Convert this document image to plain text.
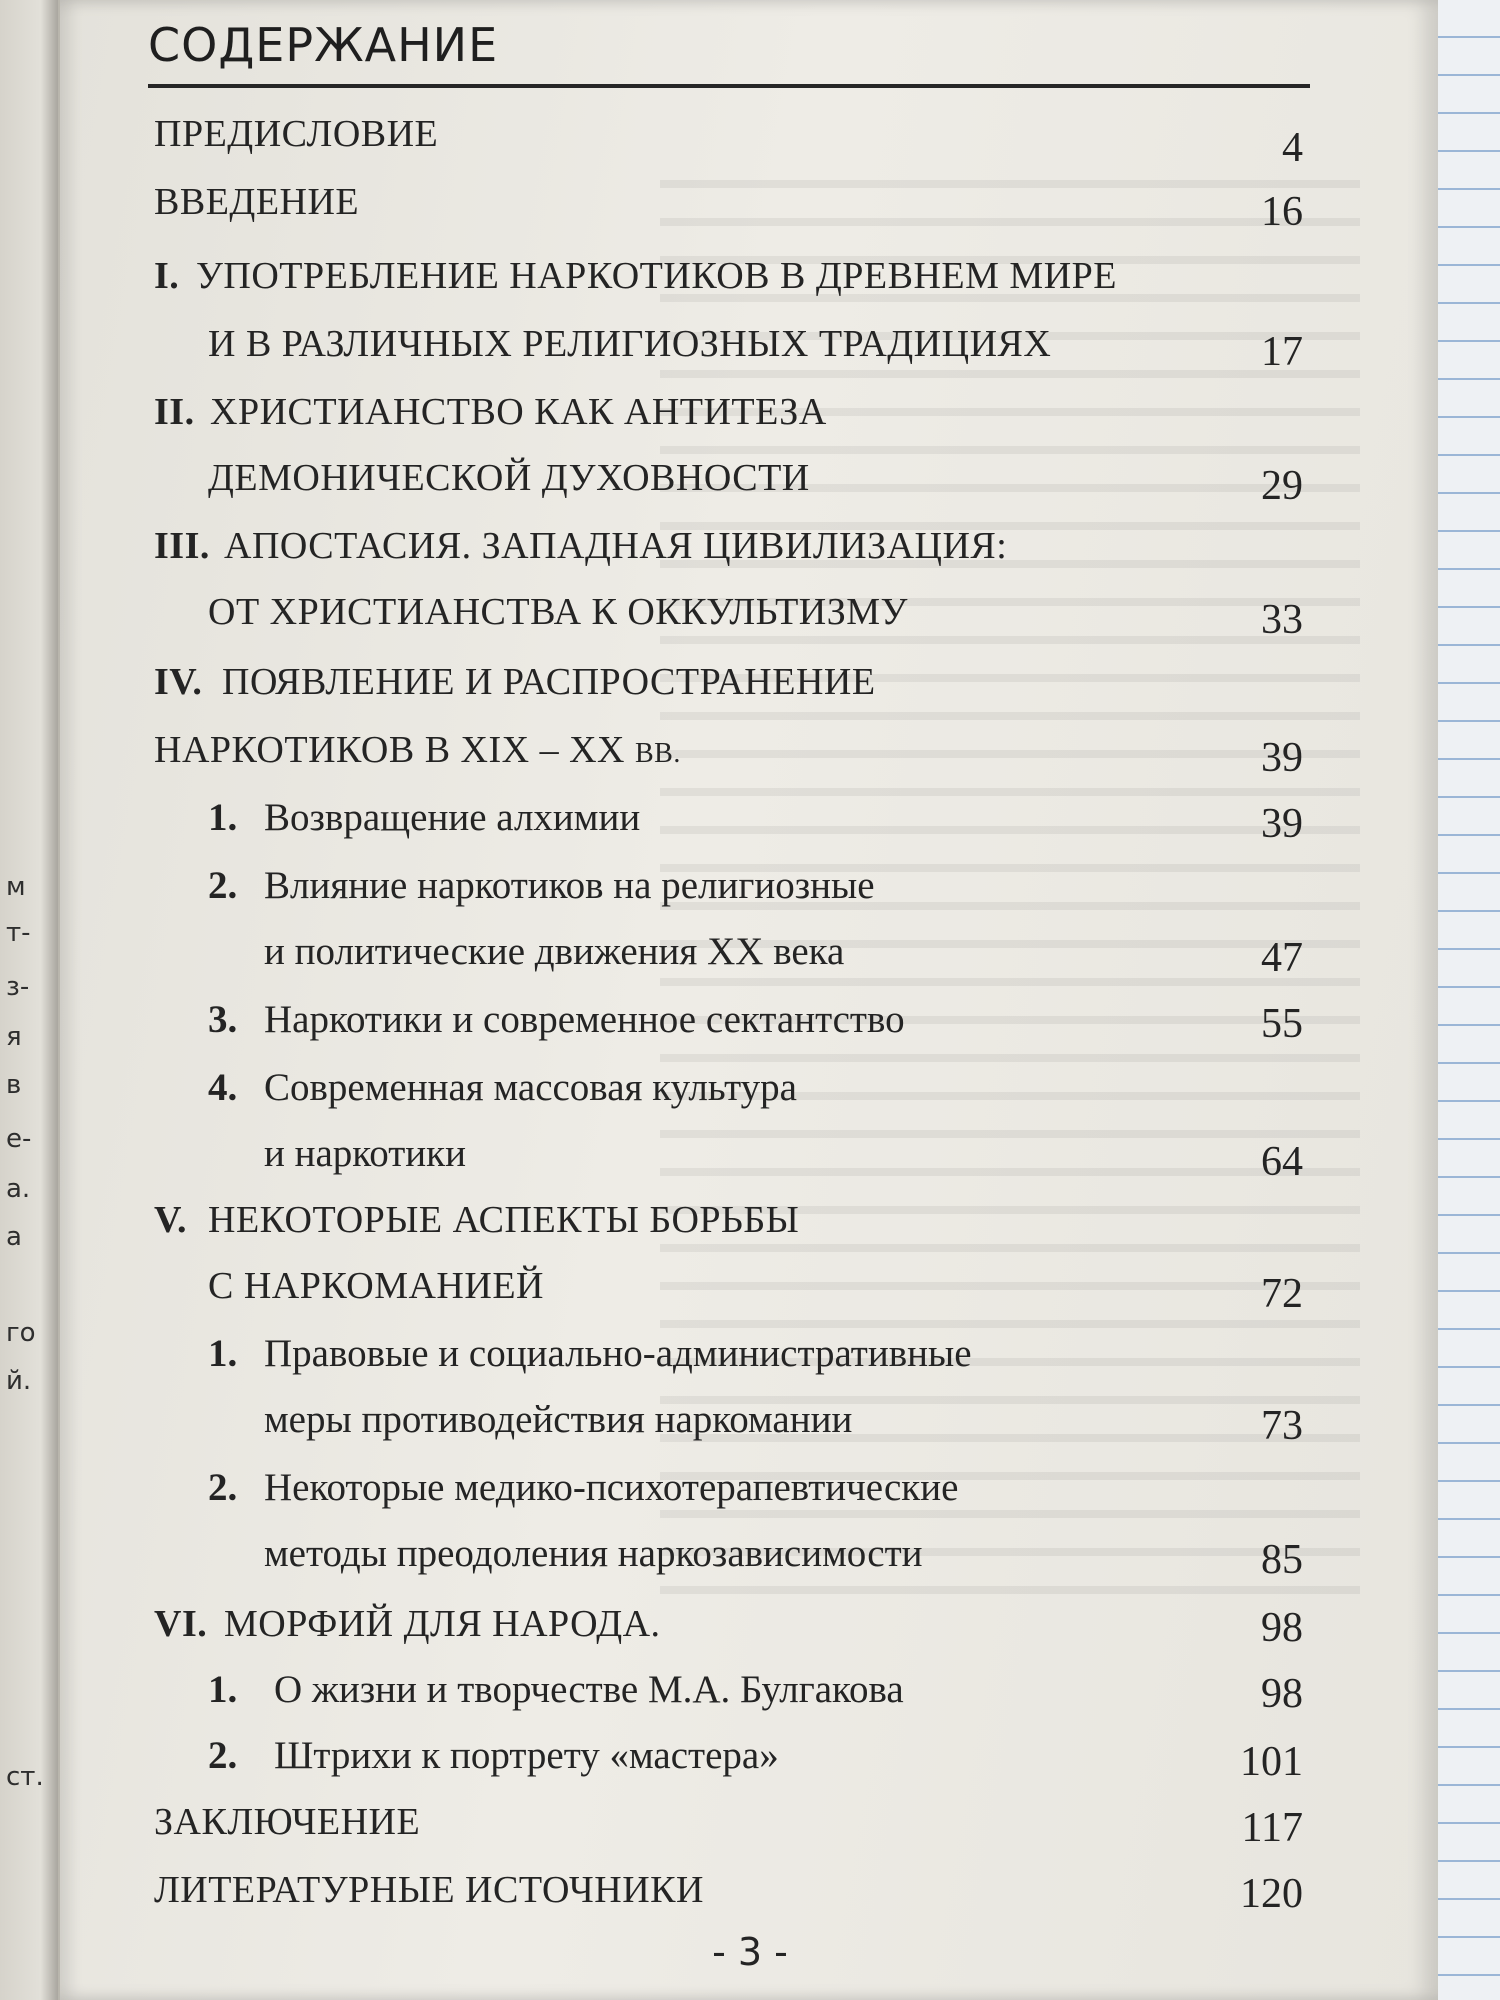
м
т-
з-
я
в
е-
а.
а
го
й.
ст.
СОДЕРЖАНИЕ
ПРЕДИСЛОВИЕ	4
ВВЕДЕНИЕ	16
I. УПОТРЕБЛЕНИЕ НАРКОТИКОВ В ДРЕВНЕМ МИРЕ
И В РАЗЛИЧНЫХ РЕЛИГИОЗНЫХ ТРАДИЦИЯХ	17
II. ХРИСТИАНСТВО КАК АНТИТЕЗА
ДЕМОНИЧЕСКОЙ ДУХОВНОСТИ	29
III. АПОСТАСИЯ. ЗАПАДНАЯ ЦИВИЛИЗАЦИЯ:
ОТ ХРИСТИАНСТВА К ОККУЛЬТИЗМУ	33
IV. ПОЯВЛЕНИЕ И РАСПРОСТРАНЕНИЕ
НАРКОТИКОВ В XIX – XX ВВ.	39
1. Возвращение алхимии	39
2. Влияние наркотиков на религиозные
и политические движения XX века	47
3. Наркотики и современное сектантство	55
4. Современная массовая культура
и наркотики	64
V. НЕКОТОРЫЕ АСПЕКТЫ БОРЬБЫ
С НАРКОМАНИЕЙ	72
1. Правовые и социально-административные
меры противодействия наркомании	73
2. Некоторые медико-психотерапевтические
методы преодоления наркозависимости	85
VI. МОРФИЙ ДЛЯ НАРОДА.	98
1. О жизни и творчестве М.А. Булгакова	98
2. Штрихи к портрету «мастера»	101
ЗАКЛЮЧЕНИЕ	117
ЛИТЕРАТУРНЫЕ ИСТОЧНИКИ	120
- 3 -
